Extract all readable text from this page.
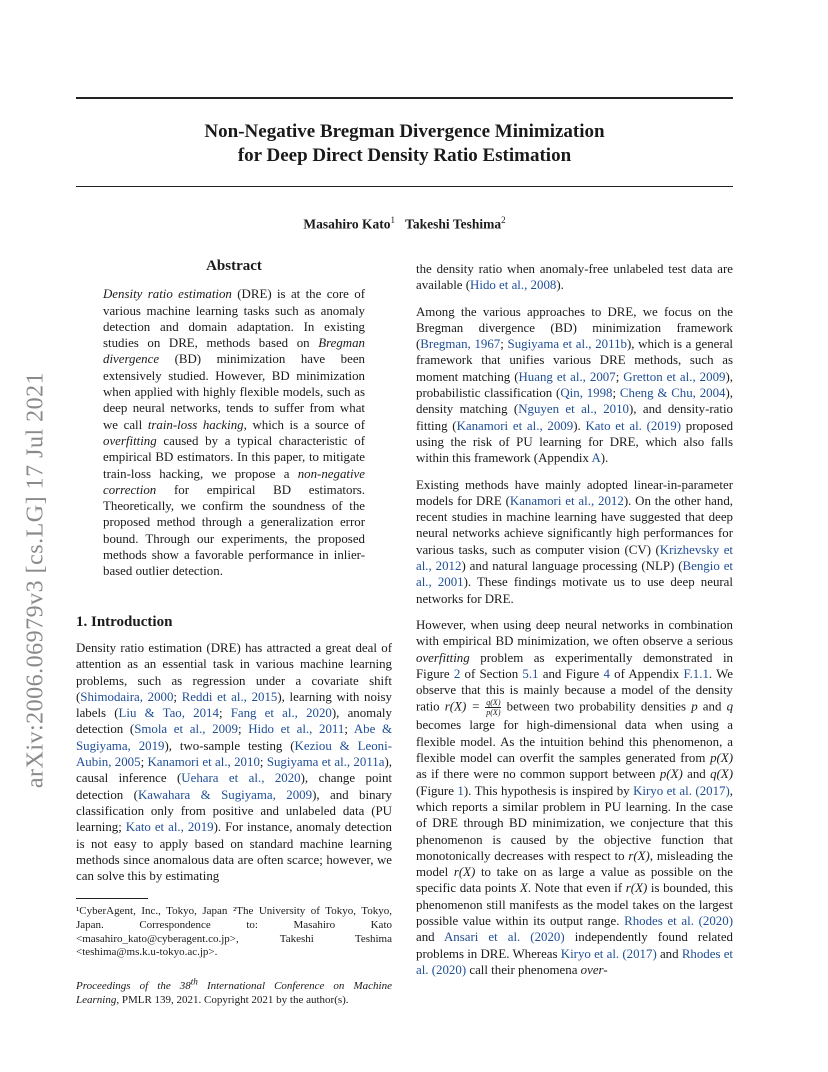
Non-Negative Bregman Divergence Minimization
for Deep Direct Density Ratio Estimation
Masahiro Kato$^1$ Takeshi Teshima$^2$
arXiv:2006.06979v3 [cs.LG] 17 Jul 2021
Abstract
Density ratio estimation (DRE) is at the core of various machine learning tasks such as anomaly detection and domain adaptation. In existing studies on DRE, methods based on Bregman divergence (BD) minimization have been extensively studied. However, BD minimization when applied with highly flexible models, such as deep neural networks, tends to suffer from what we call train-loss hacking, which is a source of overfitting caused by a typical characteristic of empirical BD estimators. In this paper, to mitigate train-loss hacking, we propose a non-negative correction for empirical BD estimators. Theoretically, we confirm the soundness of the proposed method through a generalization error bound. Through our experiments, the proposed methods show a favorable performance in inlier-based outlier detection.
1. Introduction

Density ratio estimation (DRE) has attracted a great deal of attention as an essential task in various machine learning problems, such as regression under a covariate shift (Shimodaira, 2000; Reddi et al., 2015), learning with noisy labels (Liu & Tao, 2014; Fang et al., 2020), anomaly detection (Smola et al., 2009; Hido et al., 2011; Abe & Sugiyama, 2019), two-sample testing (Keziou & Leoni-Aubin, 2005; Kanamori et al., 2010; Sugiyama et al., 2011a), causal inference (Uehara et al., 2020), change point detection (Kawahara & Sugiyama, 2009), and binary classification only from positive and unlabeled data (PU learning; Kato et al., 2019). For instance, anomaly detection is not easy to apply based on standard machine learning methods since anomalous data are often scarce; however, we can solve this by estimating

¹CyberAgent, Inc., Tokyo, Japan ²The University of Tokyo, Tokyo, Japan. Correspondence to: Masahiro Kato <masahiro_kato@cyberagent.co.jp>, Takeshi Teshima <teshima@ms.k.u-tokyo.ac.jp>.
Proceedings of the 38th International Conference on Machine Learning, PMLR 139, 2021. Copyright 2021 by the author(s).

the density ratio when anomaly-free unlabeled test data are available (Hido et al., 2008).

Among the various approaches to DRE, we focus on the Bregman divergence (BD) minimization framework (Bregman, 1967; Sugiyama et al., 2011b), which is a general framework that unifies various DRE methods, such as moment matching (Huang et al., 2007; Gretton et al., 2009), probabilistic classification (Qin, 1998; Cheng & Chu, 2004), density matching (Nguyen et al., 2010), and density-ratio fitting (Kanamori et al., 2009). Kato et al. (2019) proposed using the risk of PU learning for DRE, which also falls within this framework (Appendix A).

Existing methods have mainly adopted linear-in-parameter models for DRE (Kanamori et al., 2012). On the other hand, recent studies in machine learning have suggested that deep neural networks achieve significantly high performances for various tasks, such as computer vision (CV) (Krizhevsky et al., 2012) and natural language processing (NLP) (Bengio et al., 2001). These findings motivate us to use deep neural networks for DRE.

However, when using deep neural networks in combination with empirical BD minimization, we often observe a serious overfitting problem as experimentally demonstrated in Figure 2 of Section 5.1 and Figure 4 of Appendix F.1.1. We observe that this is mainly because a model of the density ratio $r(X) = \frac{q(X)}{p(X)}$ between two probability densities p and q becomes large for high-dimensional data when using a flexible model. As the intuition behind this phenomenon, a flexible model can overfit the samples generated from p(X) as if there were no common support between p(X) and q(X) (Figure 1). This hypothesis is inspired by Kiryo et al. (2017), which reports a similar problem in PU learning. In the case of DRE through BD minimization, we conjecture that this phenomenon is caused by the objective function that monotonically decreases with respect to r(X), misleading the model r(X) to take on as large a value as possible on the specific data points X. Note that even if r(X) is bounded, this phenomenon still manifests as the model takes on the largest possible value within its output range. Rhodes et al. (2020) and Ansari et al. (2020) independently found related problems in DRE. Whereas Kiryo et al. (2017) and Rhodes et al. (2020) call their phenomena over-
